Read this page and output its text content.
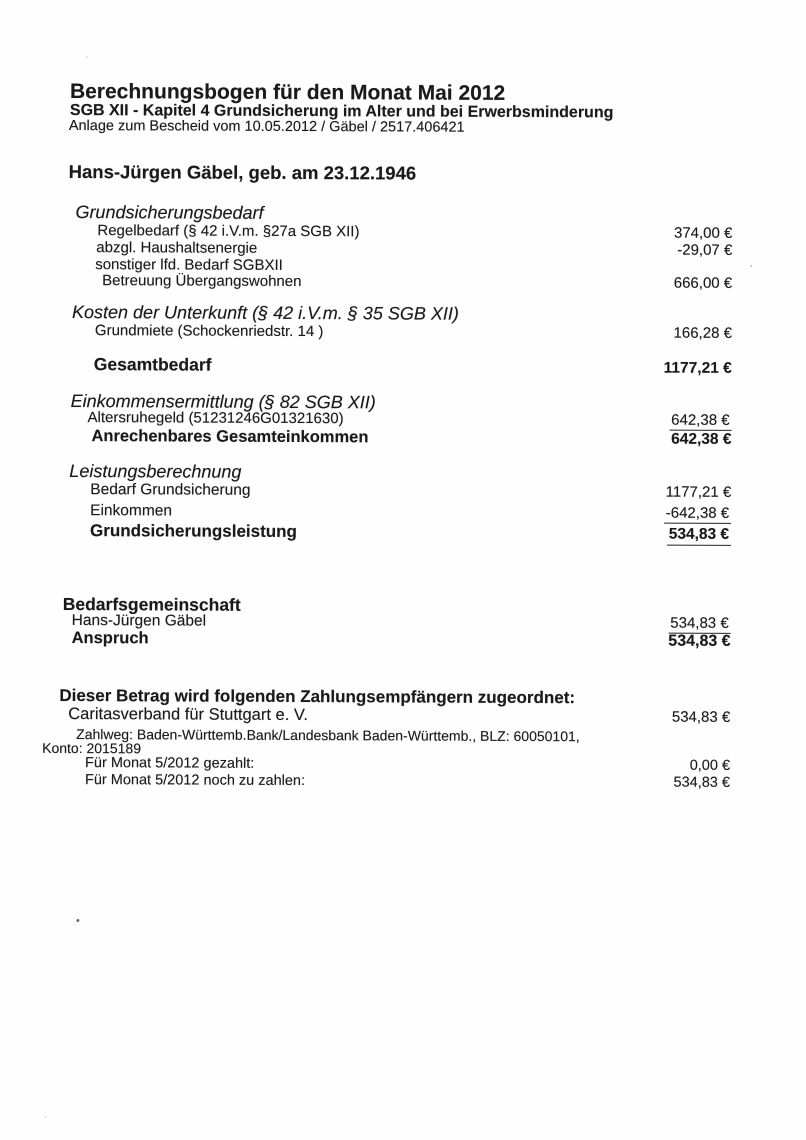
Berechnungsbogen für den Monat Mai 2012
SGB XII - Kapitel 4 Grundsicherung im Alter und bei Erwerbsminderung
Anlage zum Bescheid vom 10.05.2012 / Gäbel / 2517.406421
Hans-Jürgen Gäbel, geb. am 23.12.1946
Grundsicherungsbedarf
Regelbedarf (§ 42 i.V.m. §27a SGB XII)	374,00 €
abzgl. Haushaltsenergie	-29,07 €
sonstiger lfd. Bedarf SGBXII
Betreuung Übergangswohnen	666,00 €
Kosten der Unterkunft (§ 42 i.V.m. § 35 SGB XII)
Grundmiete (Schockenriedstr. 14 )	166,28 €
Gesamtbedarf	1177,21 €
Einkommensermittlung (§ 82 SGB XII)
Altersruhegeld (51231246G01321630)	642,38 €
Anrechenbares Gesamteinkommen	642,38 €
Leistungsberechnung
Bedarf Grundsicherung	1177,21 €
Einkommen	-642,38 €
Grundsicherungsleistung	534,83 €
Bedarfsgemeinschaft
Hans-Jürgen Gäbel	534,83 €
Anspruch	534,83 €
Dieser Betrag wird folgenden Zahlungsempfängern zugeordnet:
Caritasverband für Stuttgart e. V.	534,83 €
Zahlweg: Baden-Württemb.Bank/Landesbank Baden-Württemb., BLZ: 60050101,
Konto: 2015189
Für Monat 5/2012 gezahlt:	0,00 €
Für Monat 5/2012 noch zu zahlen:	534,83 €
